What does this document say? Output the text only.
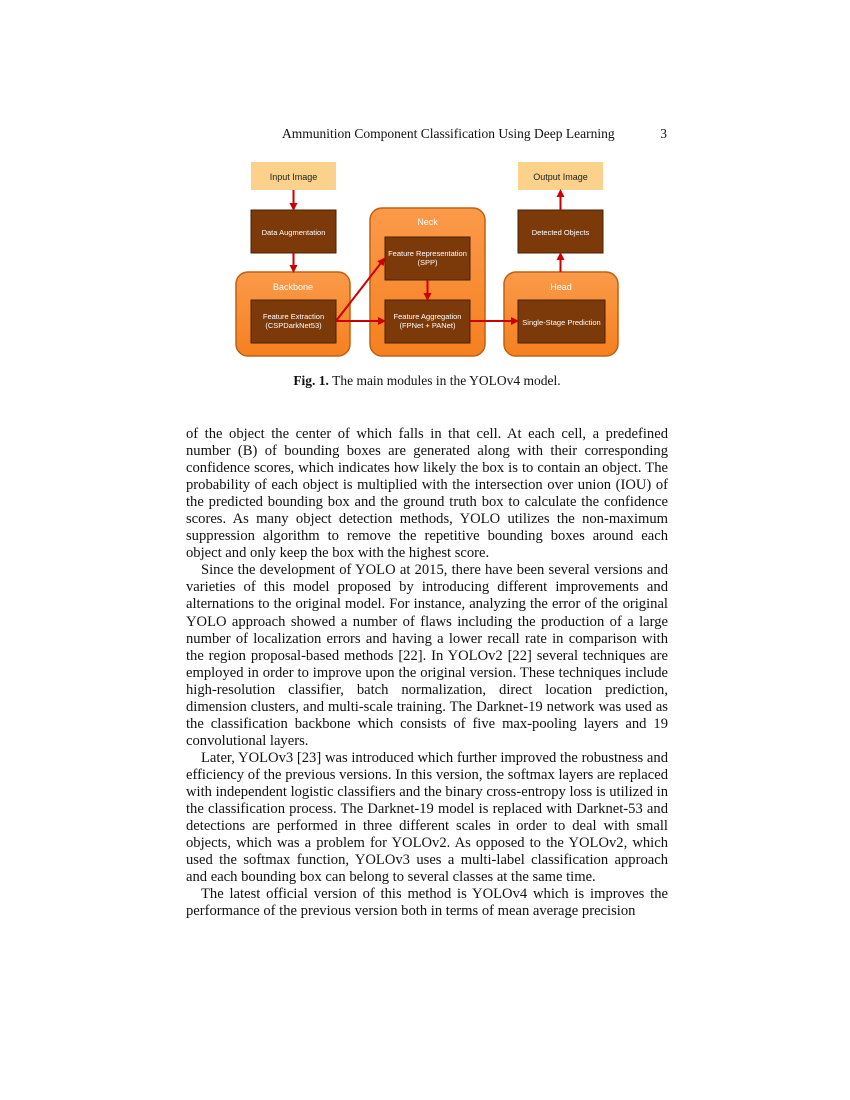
Ammunition Component Classification Using Deep Learning	3
Input Image
Data Augmentation
Backbone
Feature Extraction (CSPDarkNet53)
Neck
Feature Representation (SPP)
Feature Aggregation (FPNet + PANet)
Head
Single-Stage Prediction
Detected Objects
Output Image
Fig. 1. The main modules in the YOLOv4 model.

of the object the center of which falls in that cell. At each cell, a predefined number (B) of bounding boxes are generated along with their corresponding confidence scores, which indicates how likely the box is to contain an object. The probability of each object is multiplied with the intersection over union (IOU) of the predicted bounding box and the ground truth box to calculate the confidence scores. As many object detection methods, YOLO utilizes the non-maximum suppression algorithm to remove the repetitive bounding boxes around each object and only keep the box with the highest score.

Since the development of YOLO at 2015, there have been several versions and varieties of this model proposed by introducing different improvements and alternations to the original model. For instance, analyzing the error of the original YOLO approach showed a number of flaws including the production of a large number of localization errors and having a lower recall rate in comparison with the region proposal-based methods [22]. In YOLOv2 [22] several techniques are employed in order to improve upon the original version. These techniques include high-resolution classifier, batch normalization, direct location prediction, dimension clusters, and multi-scale training. The Darknet-19 network was used as the classification backbone which consists of five max-pooling layers and 19 convolutional layers.

Later, YOLOv3 [23] was introduced which further improved the robustness and efficiency of the previous versions. In this version, the softmax layers are replaced with independent logistic classifiers and the binary cross-entropy loss is utilized in the classification process. The Darknet-19 model is replaced with Darknet-53 and detections are performed in three different scales in order to deal with small objects, which was a problem for YOLOv2. As opposed to the YOLOv2, which used the softmax function, YOLOv3 uses a multi-label classification approach and each bounding box can belong to several classes at the same time.

The latest official version of this method is YOLOv4 which is improves the performance of the previous version both in terms of mean average precision
